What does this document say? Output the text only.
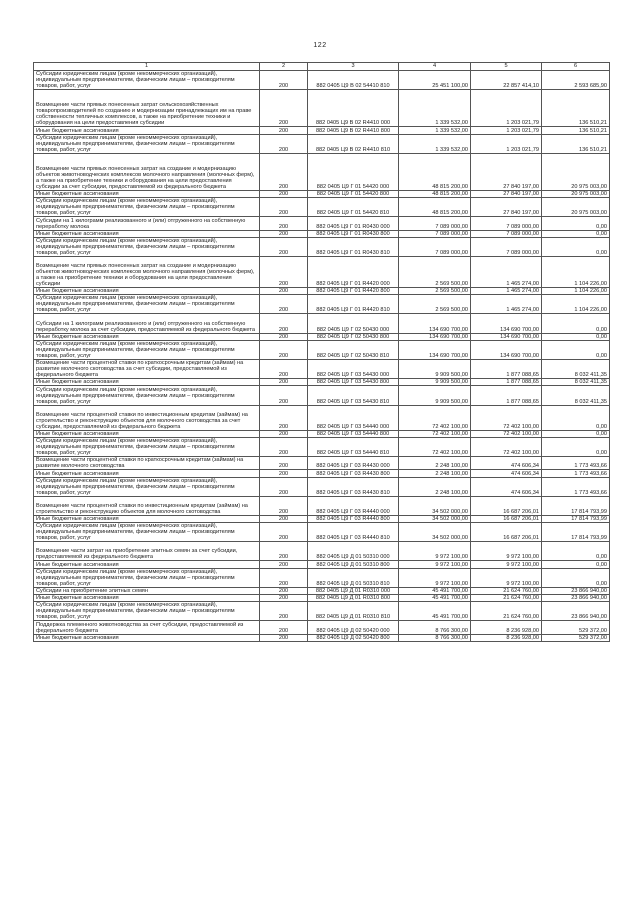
122
1	2	3	4	5	6
Субсидии юридическим лицам (кроме некоммерческих организаций), индивидуальным предпринимателям, физическим лицам – производителям товаров, работ, услуг	200	882 0405 Ц9 В 02 54410 810	25 451 100,00	22 857 414,10	2 593 685,90
Возмещение части прямых понесенных затрат сельскохозяйственных товаропроизводителей по созданию и модернизации принадлежащих им на праве собственности тепличных комплексов, а также на приобретение техники и оборудования на цели предоставления субсидии	200	882 0405 Ц9 В 02 R4410 000	1 339 532,00	1 203 021,79	136 510,21
Иные бюджетные ассигнования	200	882 0405 Ц9 В 02 R4410 800	1 339 532,00	1 203 021,79	136 510,21
Субсидии юридическим лицам (кроме некоммерческих организаций), индивидуальным предпринимателям, физическим лицам – производителям товаров, работ, услуг	200	882 0405 Ц9 В 02 R4410 810	1 339 532,00	1 203 021,79	136 510,21
Возмещение части прямых понесенных затрат на создание и модернизацию объектов животноводческих комплексов молочного направления (молочных ферм), а также на приобретение техники и оборудования на цели предоставления субсидии за счет субсидии, предоставляемой из федерального бюджета	200	882 0405 Ц9 Г 01 54420 000	48 815 200,00	27 840 197,00	20 975 003,00
Иные бюджетные ассигнования	200	882 0405 Ц9 Г 01 54420 800	48 815 200,00	27 840 197,00	20 975 003,00
Субсидии юридическим лицам (кроме некоммерческих организаций), индивидуальным предпринимателям, физическим лицам – производителям товаров, работ, услуг	200	882 0405 Ц9 Г 01 54420 810	48 815 200,00	27 840 197,00	20 975 003,00
Субсидии на 1 килограмм реализованного и (или) отгруженного на собственную переработку молока	200	882 0405 Ц9 Г 01 R0430 000	7 089 000,00	7 089 000,00	0,00
Иные бюджетные ассигнования	200	882 0405 Ц9 Г 01 R0430 800	7 089 000,00	7 089 000,00	0,00
Субсидии юридическим лицам (кроме некоммерческих организаций), индивидуальным предпринимателям, физическим лицам – производителям товаров, работ, услуг	200	882 0405 Ц9 Г 01 R0430 810	7 089 000,00	7 089 000,00	0,00
Возмещение части прямых понесенных затрат на создание и модернизацию объектов животноводческих комплексов молочного направления (молочных ферм), а также на приобретение техники и оборудования на цели предоставления субсидии	200	882 0405 Ц9 Г 01 R4420 000	2 569 500,00	1 465 274,00	1 104 226,00
Иные бюджетные ассигнования	200	882 0405 Ц9 Г 01 R4420 800	2 569 500,00	1 465 274,00	1 104 226,00
Субсидии юридическим лицам (кроме некоммерческих организаций), индивидуальным предпринимателям, физическим лицам – производителям товаров, работ, услуг	200	882 0405 Ц9 Г 01 R4420 810	2 569 500,00	1 465 274,00	1 104 226,00
Субсидии на 1 килограмм реализованного и (или) отгруженного на собственную переработку молока за счет субсидии, предоставляемой из федерального бюджета	200	882 0405 Ц9 Г 02 50430 000	134 690 700,00	134 690 700,00	0,00
Иные бюджетные ассигнования	200	882 0405 Ц9 Г 02 50430 800	134 690 700,00	134 690 700,00	0,00
Субсидии юридическим лицам (кроме некоммерческих организаций), индивидуальным предпринимателям, физическим лицам – производителям товаров, работ, услуг	200	882 0405 Ц9 Г 02 50430 810	134 690 700,00	134 690 700,00	0,00
Возмещение части процентной ставки по краткосрочным кредитам (займам) на развитие молочного скотоводства за счет субсидии, предоставляемой из федерального бюджета	200	882 0405 Ц9 Г 03 54430 000	9 909 500,00	1 877 088,65	8 032 411,35
Иные бюджетные ассигнования	200	882 0405 Ц9 Г 03 54430 800	9 909 500,00	1 877 088,65	8 032 411,35
Субсидии юридическим лицам (кроме некоммерческих организаций), индивидуальным предпринимателям, физическим лицам – производителям товаров, работ, услуг	200	882 0405 Ц9 Г 03 54430 810	9 909 500,00	1 877 088,65	8 032 411,35
Возмещение части процентной ставки по инвестиционным кредитам (займам) на строительство и реконструкцию объектов для молочного скотоводства за счет субсидии, предоставляемой из федерального бюджета	200	882 0405 Ц9 Г 03 54440 000	72 402 100,00	72 402 100,00	0,00
Иные бюджетные ассигнования	200	882 0405 Ц9 Г 03 54440 800	72 402 100,00	72 402 100,00	0,00
Субсидии юридическим лицам (кроме некоммерческих организаций), индивидуальным предпринимателям, физическим лицам – производителям товаров, работ, услуг	200	882 0405 Ц9 Г 03 54440 810	72 402 100,00	72 402 100,00	0,00
Возмещение части процентной ставки по краткосрочным кредитам (займам) на развитие молочного скотоводства	200	882 0405 Ц9 Г 03 R4430 000	2 248 100,00	474 606,34	1 773 493,66
Иные бюджетные ассигнования	200	882 0405 Ц9 Г 03 R4430 800	2 248 100,00	474 606,34	1 773 493,66
Субсидии юридическим лицам (кроме некоммерческих организаций), индивидуальным предпринимателям, физическим лицам – производителям товаров, работ, услуг	200	882 0405 Ц9 Г 03 R4430 810	2 248 100,00	474 606,34	1 773 493,66
Возмещение части процентной ставки по инвестиционным кредитам (займам) на строительство и реконструкцию объектов для молочного скотоводства	200	882 0405 Ц9 Г 03 R4440 000	34 502 000,00	16 687 206,01	17 814 793,99
Иные бюджетные ассигнования	200	882 0405 Ц9 Г 03 R4440 800	34 502 000,00	16 687 206,01	17 814 793,99
Субсидии юридическим лицам (кроме некоммерческих организаций), индивидуальным предпринимателям, физическим лицам – производителям товаров, работ, услуг	200	882 0405 Ц9 Г 03 R4440 810	34 502 000,00	16 687 206,01	17 814 793,99
Возмещение части затрат на приобретение элитных семян за счет субсидии, предоставляемой из федерального бюджета	200	882 0405 Ц9 Д 01 50310 000	9 972 100,00	9 972 100,00	0,00
Иные бюджетные ассигнования	200	882 0405 Ц9 Д 01 50310 800	9 972 100,00	9 972 100,00	0,00
Субсидии юридическим лицам (кроме некоммерческих организаций), индивидуальным предпринимателям, физическим лицам – производителям товаров, работ, услуг	200	882 0405 Ц9 Д 01 50310 810	9 972 100,00	9 972 100,00	0,00
Субсидии на приобретение элитных семян	200	882 0405 Ц9 Д 01 R0310 000	45 491 700,00	21 624 760,00	23 866 940,00
Иные бюджетные ассигнования	200	882 0405 Ц9 Д 01 R0310 800	45 491 700,00	21 624 760,00	23 866 940,00
Субсидии юридическим лицам (кроме некоммерческих организаций), индивидуальным предпринимателям, физическим лицам – производителям товаров, работ, услуг	200	882 0405 Ц9 Д 01 R0310 810	45 491 700,00	21 624 760,00	23 866 940,00
Поддержка племенного животноводства за счет субсидии, предоставляемой из федерального бюджета	200	882 0405 Ц9 Д 02 50420 000	8 766 300,00	8 236 928,00	529 372,00
Иные бюджетные ассигнования	200	882 0405 Ц9 Д 02 50420 800	8 766 300,00	8 236 928,00	529 372,00
